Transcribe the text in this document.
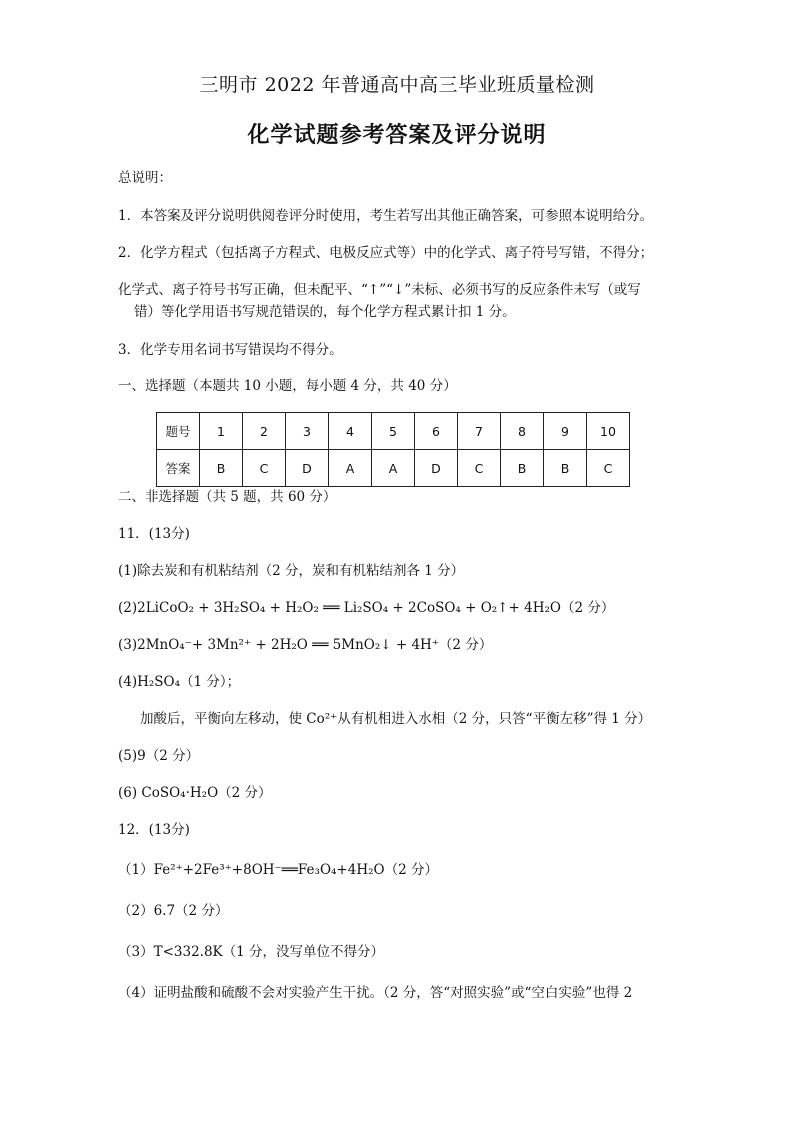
三明市 2022 年普通高中高三毕业班质量检测
化学试题参考答案及评分说明
总说明：
1．本答案及评分说明供阅卷评分时使用，考生若写出其他正确答案，可参照本说明给分。
2．化学方程式（包括离子方程式、电极反应式等）中的化学式、离子符号写错，不得分；
化学式、离子符号书写正确，但未配平、“↑”“↓”未标、必须书写的反应条件未写（或写
错）等化学用语书写规范错误的，每个化学方程式累计扣 1 分。
3．化学专用名词书写错误均不得分。
一、选择题（本题共 10 小题，每小题 4 分，共 40 分）
题号	1	2	3	4	5	6	7	8	9	10
答案	B	C	D	A	A	D	C	B	B	C
二、非选择题（共 5 题，共 60 分）
11．(13分)
(1)除去炭和有机粘结剂（2 分，炭和有机粘结剂各 1 分）
(2)2LiCoO₂ + 3H₂SO₄ + H₂O₂ ══ Li₂SO₄ + 2CoSO₄ + O₂↑+ 4H₂O（2 分）
(3)2MnO₄⁻+ 3Mn²⁺ + 2H₂O ══ 5MnO₂↓ + 4H⁺（2 分）
(4)H₂SO₄（1 分）；
加酸后，平衡向左移动，使 Co²⁺从有机相进入水相（2 分，只答“平衡左移”得 1 分）
(5)9（2 分）
(6) CoSO₄·H₂O（2 分）
12．(13分)
（1）Fe²⁺+2Fe³⁺+8OH⁻══Fe₃O₄+4H₂O（2 分）
（2）6.7（2 分）
（3）T<332.8K（1 分，没写单位不得分）
（4）证明盐酸和硫酸不会对实验产生干扰。（2 分，答“对照实验”或“空白实验”也得 2
